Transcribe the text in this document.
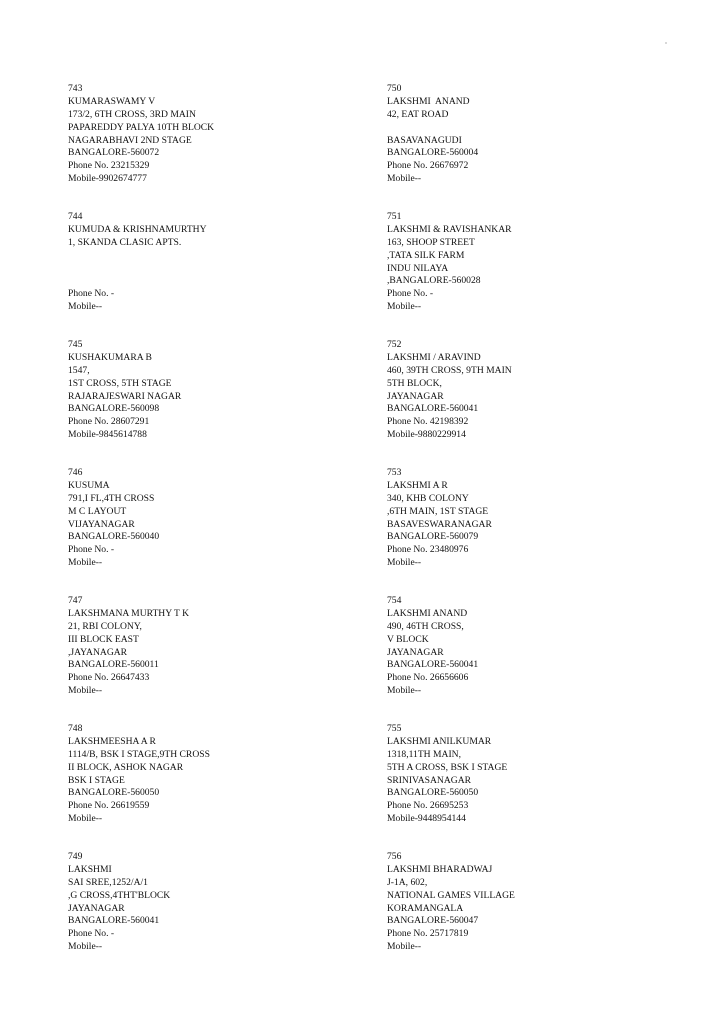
743
KUMARASWAMY V
173/2, 6TH CROSS, 3RD MAIN
PAPAREDDY PALYA 10TH BLOCK
NAGARABHAVI 2ND STAGE
BANGALORE-560072
Phone No. 23215329
Mobile-9902674777
750
LAKSHMI  ANAND
42, EAT ROAD
BASAVANAGUDI
BANGALORE-560004
Phone No. 26676972
Mobile--
744
KUMUDA & KRISHNAMURTHY
1, SKANDA CLASIC APTS.
Phone No. -
Mobile--
751
LAKSHMI & RAVISHANKAR
163, SHOOP STREET
,TATA SILK FARM
INDU NILAYA
,BANGALORE-560028
Phone No. -
Mobile--
745
KUSHAKUMARA B
1547,
1ST CROSS, 5TH STAGE
RAJARAJESWARI NAGAR
BANGALORE-560098
Phone No. 28607291
Mobile-9845614788
752
LAKSHMI / ARAVIND
460, 39TH CROSS, 9TH MAIN
5TH BLOCK,
JAYANAGAR
BANGALORE-560041
Phone No. 42198392
Mobile-9880229914
746
KUSUMA
791,I FL,4TH CROSS
M C LAYOUT
VIJAYANAGAR
BANGALORE-560040
Phone No. -
Mobile--
753
LAKSHMI A R
340, KHB COLONY
,6TH MAIN, 1ST STAGE
BASAVESWARANAGAR
BANGALORE-560079
Phone No. 23480976
Mobile--
747
LAKSHMANA MURTHY T K
21, RBI COLONY,
III BLOCK EAST
,JAYANAGAR
BANGALORE-560011
Phone No. 26647433
Mobile--
754
LAKSHMI ANAND
490, 46TH CROSS,
V BLOCK
JAYANAGAR
BANGALORE-560041
Phone No. 26656606
Mobile--
748
LAKSHMEESHA A R
1114/B, BSK I STAGE,9TH CROSS
II BLOCK, ASHOK NAGAR
BSK I STAGE
BANGALORE-560050
Phone No. 26619559
Mobile--
755
LAKSHMI ANILKUMAR
1318,11TH MAIN,
5TH A CROSS, BSK I STAGE
SRINIVASANAGAR
BANGALORE-560050
Phone No. 26695253
Mobile-9448954144
749
LAKSHMI
SAI SREE,1252/A/1
,G CROSS,4THT'BLOCK
JAYANAGAR
BANGALORE-560041
Phone No. -
Mobile--
756
LAKSHMI BHARADWAJ
J-1A, 602,
NATIONAL GAMES VILLAGE
KORAMANGALA
BANGALORE-560047
Phone No. 25717819
Mobile--
